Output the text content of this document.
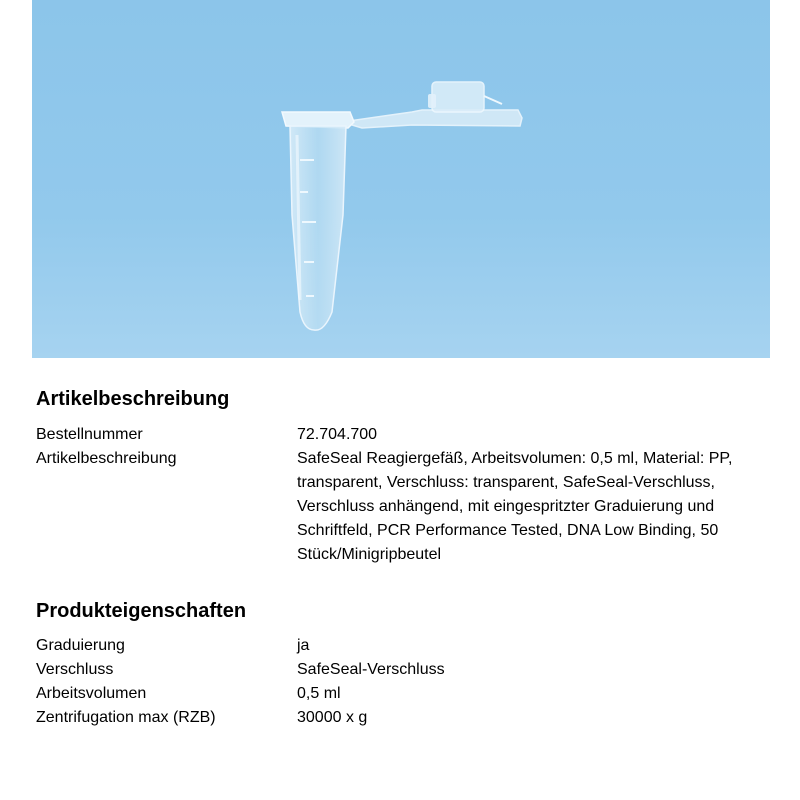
Artikelbeschreibung
Bestellnummer	72.704.700
Artikelbeschreibung	SafeSeal Reagiergefäß, Arbeitsvolumen: 0,5 ml, Material: PP, transparent, Verschluss: transparent, SafeSeal-Verschluss, Verschluss anhängend, mit eingespritzter Graduierung und Schriftfeld, PCR Performance Tested, DNA Low Binding, 50 Stück/Minigripbeutel
Produkteigenschaften
Graduierung	ja
Verschluss	SafeSeal-Verschluss
Arbeitsvolumen	0,5 ml
Zentrifugation max (RZB)	30000 x g
